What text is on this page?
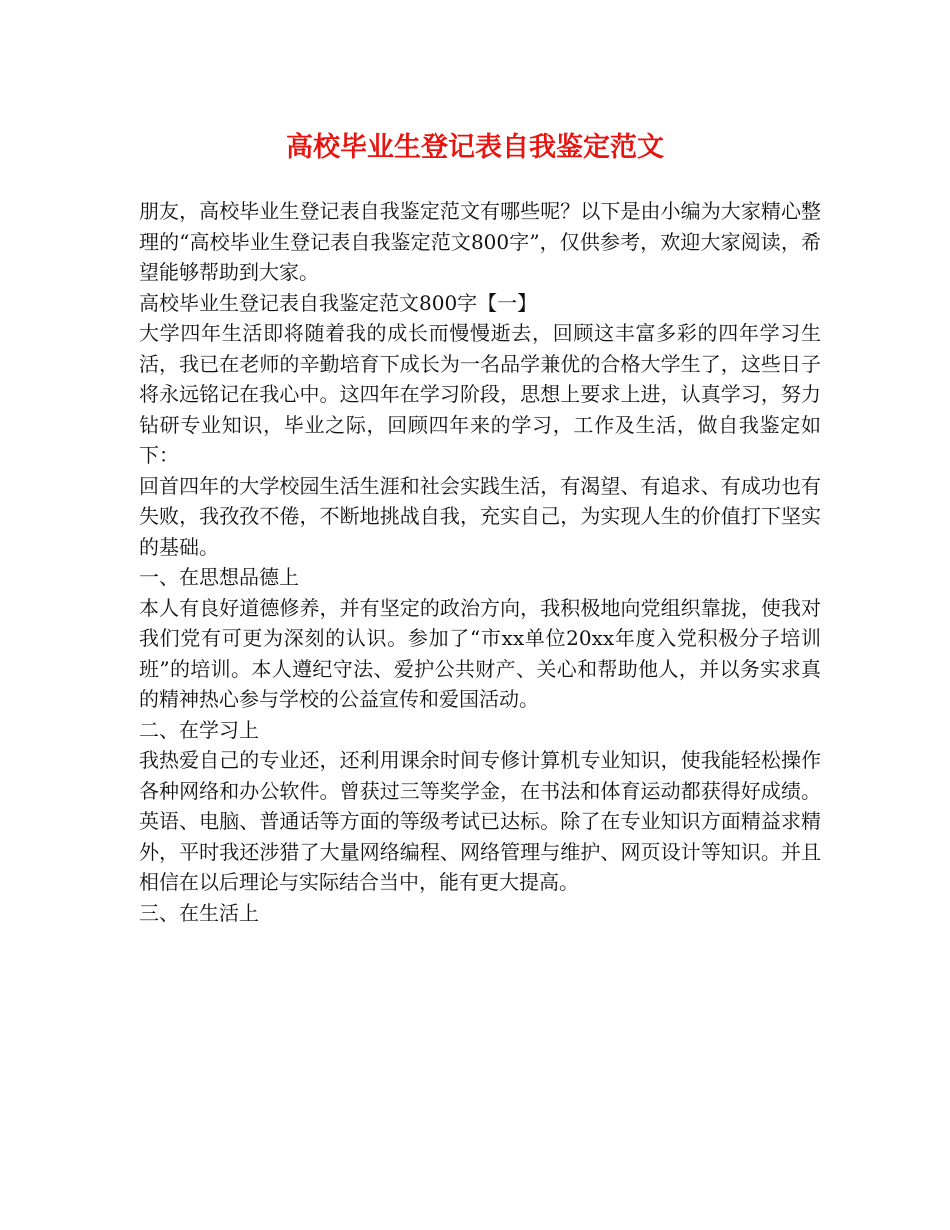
高校毕业生登记表自我鉴定范文

朋友，高校毕业生登记表自我鉴定范文有哪些呢？以下是由小编为大家精心整理的“高校毕业生登记表自我鉴定范文800字”，仅供参考，欢迎大家阅读，希望能够帮助到大家。

高校毕业生登记表自我鉴定范文800字【一】

大学四年生活即将随着我的成长而慢慢逝去，回顾这丰富多彩的四年学习生活，我已在老师的辛勤培育下成长为一名品学兼优的合格大学生了，这些日子将永远铭记在我心中。这四年在学习阶段，思想上要求上进，认真学习，努力钻研专业知识，毕业之际，回顾四年来的学习，工作及生活，做自我鉴定如下：

回首四年的大学校园生活生涯和社会实践生活，有渴望、有追求、有成功也有失败，我孜孜不倦，不断地挑战自我，充实自己，为实现人生的价值打下坚实的基础。

一、在思想品德上

本人有良好道德修养，并有坚定的政治方向，我积极地向党组织靠拢，使我对我们党有可更为深刻的认识。参加了“市xx单位20xx年度入党积极分子培训班”的培训。本人遵纪守法、爱护公共财产、关心和帮助他人，并以务实求真的精神热心参与学校的公益宣传和爱国活动。

二、在学习上

我热爱自己的专业还，还利用课余时间专修计算机专业知识，使我能轻松操作各种网络和办公软件。曾获过三等奖学金，在书法和体育运动都获得好成绩。英语、电脑、普通话等方面的等级考试已达标。除了在专业知识方面精益求精外，平时我还涉猎了大量网络编程、网络管理与维护、网页设计等知识。并且相信在以后理论与实际结合当中，能有更大提高。

三、在生活上
